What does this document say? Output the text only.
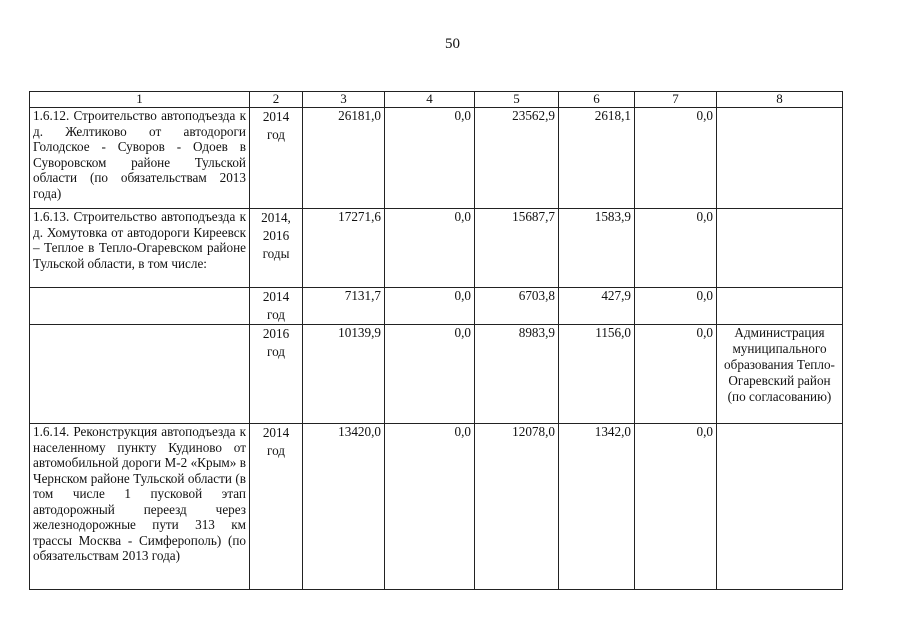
50
1	2	3	4	5	6	7	8
1.6.12. Строительство автоподъезда к д. Желтиково от автодороги Голодское - Суворов - Одоев в Суворовском районе Тульской области (по обязательствам 2013 года)	2014 год	26181,0	0,0	23562,9	2618,1	0,0	
1.6.13. Строительство автоподъезда к д. Хомутовка от автодороги Киреевск – Теплое в Тепло-Огаревском районе Тульской области, в том числе:	2014, 2016 годы	17271,6	0,0	15687,7	1583,9	0,0	
	2014 год	7131,7	0,0	6703,8	427,9	0,0	
	2016 год	10139,9	0,0	8983,9	1156,0	0,0	Администрация муниципального образования Тепло-Огаревский район (по согласованию)
1.6.14. Реконструкция автоподъезда к населенному пункту Кудиново от автомобильной дороги М-2 «Крым» в Чернском районе Тульской области (в том числе 1 пусковой этап автодорожный переезд через железнодорожные пути 313 км трассы Москва - Симферополь) (по обязательствам 2013 года)	2014 год	13420,0	0,0	12078,0	1342,0	0,0	
